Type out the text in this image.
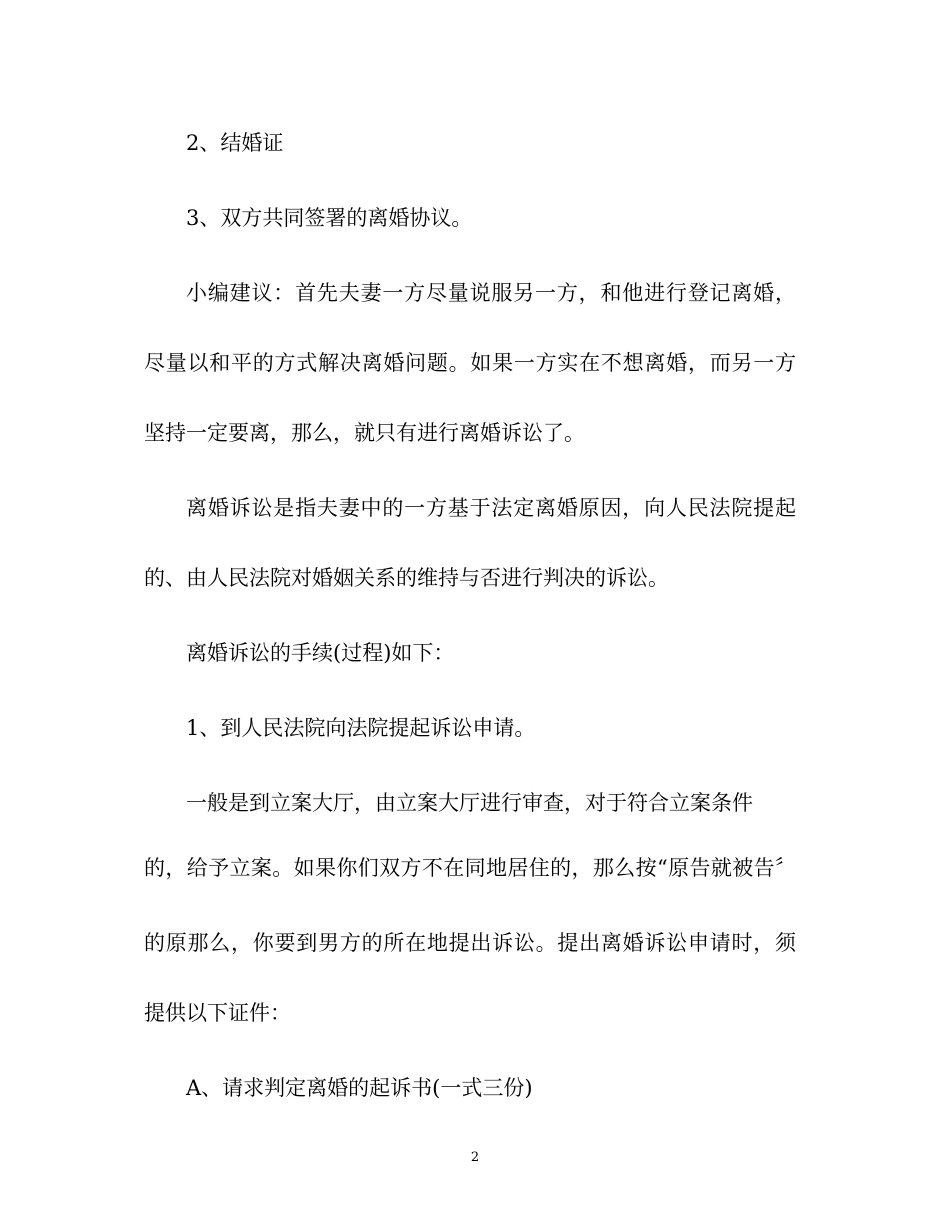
2、结婚证

3、双方共同签署的离婚协议。

小编建议：首先夫妻一方尽量说服另一方，和他进行登记离婚，

尽量以和平的方式解决离婚问题。如果一方实在不想离婚，而另一方

坚持一定要离，那么，就只有进行离婚诉讼了。

离婚诉讼是指夫妻中的一方基于法定离婚原因，向人民法院提起

的、由人民法院对婚姻关系的维持与否进行判决的诉讼。

离婚诉讼的手续(过程)如下：

1、到人民法院向法院提起诉讼申请。

一般是到立案大厅，由立案大厅进行审查，对于符合立案条件

的，给予立案。如果你们双方不在同地居住的，那么按“原告就被告〞

的原那么，你要到男方的所在地提出诉讼。提出离婚诉讼申请时，须

提供以下证件：

A、请求判定离婚的起诉书(一式三份)

2
